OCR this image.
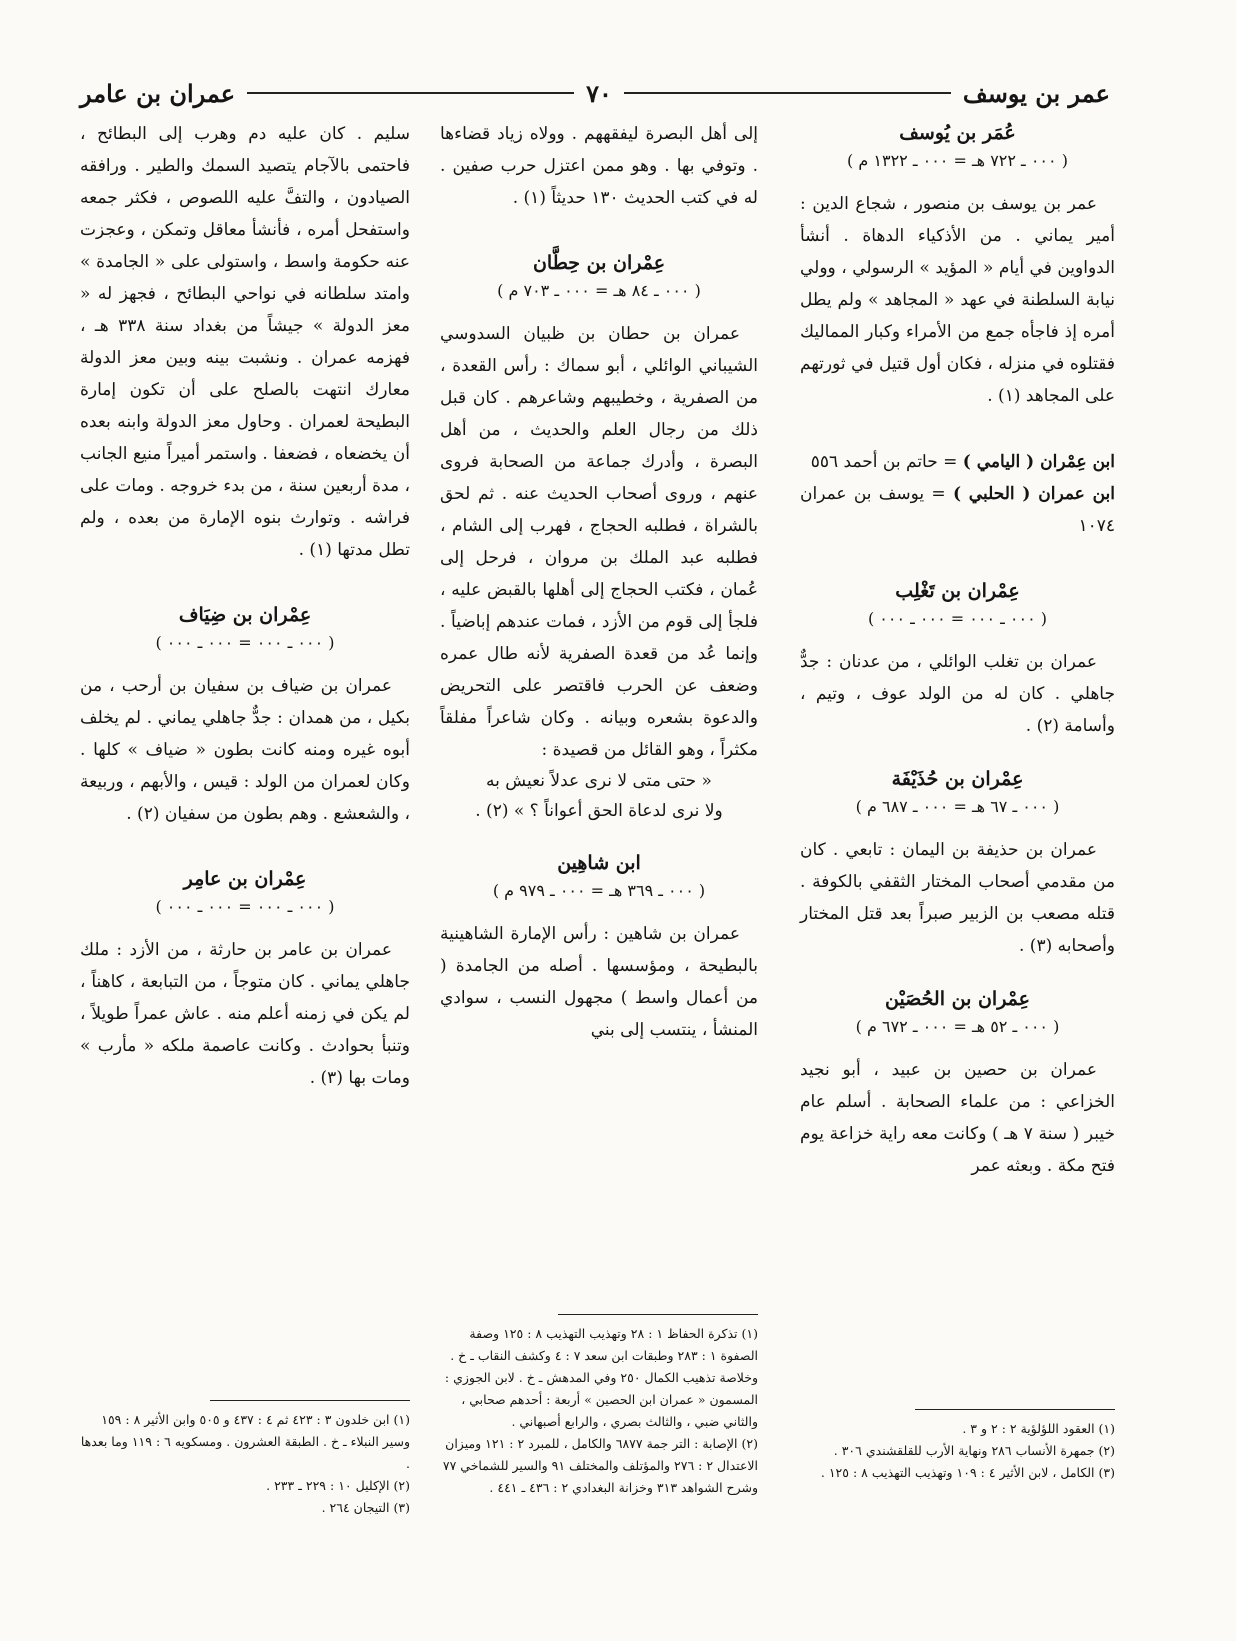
عمر بن يوسف
٧٠
عمران بن عامر

عُمَر بن يُوسف

( ٠٠٠ ـ ٧٢٢ هـ = ٠٠٠ ـ ١٣٢٢ م )

عمر بن يوسف بن منصور ، شجاع الدين : أمير يماني . من الأذكياء الدهاة . أنشأ الدواوين في أيام « المؤيد » الرسولي ، وولي نيابة السلطنة في عهد « المجاهد » ولم يطل أمره إذ فاجأه جمع من الأمراء وكبار المماليك فقتلوه في منزله ، فكان أول قتيل في ثورتهم على المجاهد (١) .

ابن عِمْران ( اليامي ) = حاتم بن أحمد ٥٥٦

ابن عمران ( الحلبي ) = يوسف بن عمران ١٠٧٤

عِمْران بن تَغْلِب

( ٠٠٠ ـ ٠٠٠ = ٠٠٠ ـ ٠٠٠ )

عمران بن تغلب الوائلي ، من عدنان : جدٌّ جاهلي . كان له من الولد عوف ، وتيم ، وأسامة (٢) .

عِمْران بن حُذَيْفَة

( ٠٠٠ ـ ٦٧ هـ = ٠٠٠ ـ ٦٨٧ م )

عمران بن حذيفة بن اليمان : تابعي . كان من مقدمي أصحاب المختار الثقفي بالكوفة . قتله مصعب بن الزبير صبراً بعد قتل المختار وأصحابه (٣) .

عِمْران بن الحُصَيْن

( ٠٠٠ ـ ٥٢ هـ = ٠٠٠ ـ ٦٧٢ م )

عمران بن حصين بن عبيد ، أبو نجيد الخزاعي : من علماء الصحابة . أسلم عام خيبر ( سنة ٧ هـ ) وكانت معه راية خزاعة يوم فتح مكة . وبعثه عمر

إلى أهل البصرة ليفقههم . وولاه زياد قضاءها . وتوفي بها . وهو ممن اعتزل حرب صفين . له في كتب الحديث ١٣٠ حديثاً (١) .

عِمْران بن حِطَّان

( ٠٠٠ ـ ٨٤ هـ = ٠٠٠ ـ ٧٠٣ م )

عمران بن حطان بن ظبيان السدوسي الشيباني الوائلي ، أبو سماك : رأس القعدة ، من الصفرية ، وخطيبهم وشاعرهم . كان قبل ذلك من رجال العلم والحديث ، من أهل البصرة ، وأدرك جماعة من الصحابة فروى عنهم ، وروى أصحاب الحديث عنه . ثم لحق بالشراة ، فطلبه الحجاج ، فهرب إلى الشام ، فطلبه عبد الملك بن مروان ، فرحل إلى عُمان ، فكتب الحجاج إلى أهلها بالقبض عليه ، فلجأ إلى قوم من الأزد ، فمات عندهم إباضياً . وإنما عُد من قعدة الصفرية لأنه طال عمره وضعف عن الحرب فاقتصر على التحريض والدعوة بشعره وبيانه . وكان شاعراً مفلقاً مكثراً ، وهو القائل من قصيدة :

« حتى متى لا نرى عدلاً نعيش به

ولا نرى لدعاة الحق أعواناً ؟ » (٢) .

ابن شاهِين

( ٠٠٠ ـ ٣٦٩ هـ = ٠٠٠ ـ ٩٧٩ م )

عمران بن شاهين : رأس الإمارة الشاهينية بالبطيحة ، ومؤسسها . أصله من الجامدة ( من أعمال واسط ) مجهول النسب ، سوادي المنشأ ، ينتسب إلى بني

سليم . كان عليه دم وهرب إلى البطائح ، فاحتمى بالآجام يتصيد السمك والطير . ورافقه الصيادون ، والتفَّ عليه اللصوص ، فكثر جمعه واستفحل أمره ، فأنشأ معاقل وتمكن ، وعجزت عنه حكومة واسط ، واستولى على « الجامدة » وامتد سلطانه في نواحي البطائح ، فجهز له « معز الدولة » جيشاً من بغداد سنة ٣٣٨ هـ ، فهزمه عمران . ونشبت بينه وبين معز الدولة معارك انتهت بالصلح على أن تكون إمارة البطيحة لعمران . وحاول معز الدولة وابنه بعده أن يخضعاه ، فضعفا . واستمر أميراً منيع الجانب ، مدة أربعين سنة ، من بدء خروجه . ومات على فراشه . وتوارث بنوه الإمارة من بعده ، ولم تطل مدتها (١) .

عِمْران بن ضِيَاف

( ٠٠٠ ـ ٠٠٠ = ٠٠٠ ـ ٠٠٠ )

عمران بن ضياف بن سفيان بن أرحب ، من بكيل ، من همدان : جدٌّ جاهلي يماني . لم يخلف أبوه غيره ومنه كانت بطون « ضياف » كلها . وكان لعمران من الولد : قيس ، والأبهم ، وربيعة ، والشعشع . وهم بطون من سفيان (٢) .

عِمْران بن عامِر

( ٠٠٠ ـ ٠٠٠ = ٠٠٠ ـ ٠٠٠ )

عمران بن عامر بن حارثة ، من الأزد : ملك جاهلي يماني . كان متوجاً ، من التبابعة ، كاهناً ، لم يكن في زمنه أعلم منه . عاش عمراً طويلاً ، وتنبأ بحوادث . وكانت عاصمة ملكه « مأرب » ومات بها (٣) .

(١) العقود اللؤلؤية ٢ : ٢ و ٣ .

(٢) جمهرة الأنساب ٢٨٦ ونهاية الأرب للقلقشندي ٣٠٦ .

(٣) الكامل ، لابن الأثير ٤ : ١٠٩ وتهذيب التهذيب ٨ : ١٢٥ .

(١) تذكرة الحفاظ ١ : ٢٨ وتهذيب التهذيب ٨ : ١٢٥ وصفة الصفوة ١ : ٢٨٣ وطبقات ابن سعد ٧ : ٤ وكشف النقاب ـ خ . وخلاصة تذهيب الكمال ٢٥٠ وفي المدهش ـ خ . لابن الجوزي : المسمون « عمران ابن الحصين » أربعة : أحدهم صحابي ، والثاني ضبي ، والثالث بصري ، والرابع أصبهاني .

(٢) الإصابة : التر جمة ٦٨٧٧ والكامل ، للمبرد ٢ : ١٢١ وميزان الاعتدال ٢ : ٢٧٦ والمؤتلف والمختلف ٩١ والسير للشماخي ٧٧ وشرح الشواهد ٣١٣ وخزانة البغدادي ٢ : ٤٣٦ ـ ٤٤١ .

(١) ابن خلدون ٣ : ٤٢٣ ثم ٤ : ٤٣٧ و ٥٠٥ وابن الأثير ٨ : ١٥٩ وسير النبلاء ـ خ . الطبقة العشرون . ومسكويه ٦ : ١١٩ وما بعدها .

(٢) الإكليل ١٠ : ٢٢٩ ـ ٢٣٣ .

(٣) التيجان ٢٦٤ .
